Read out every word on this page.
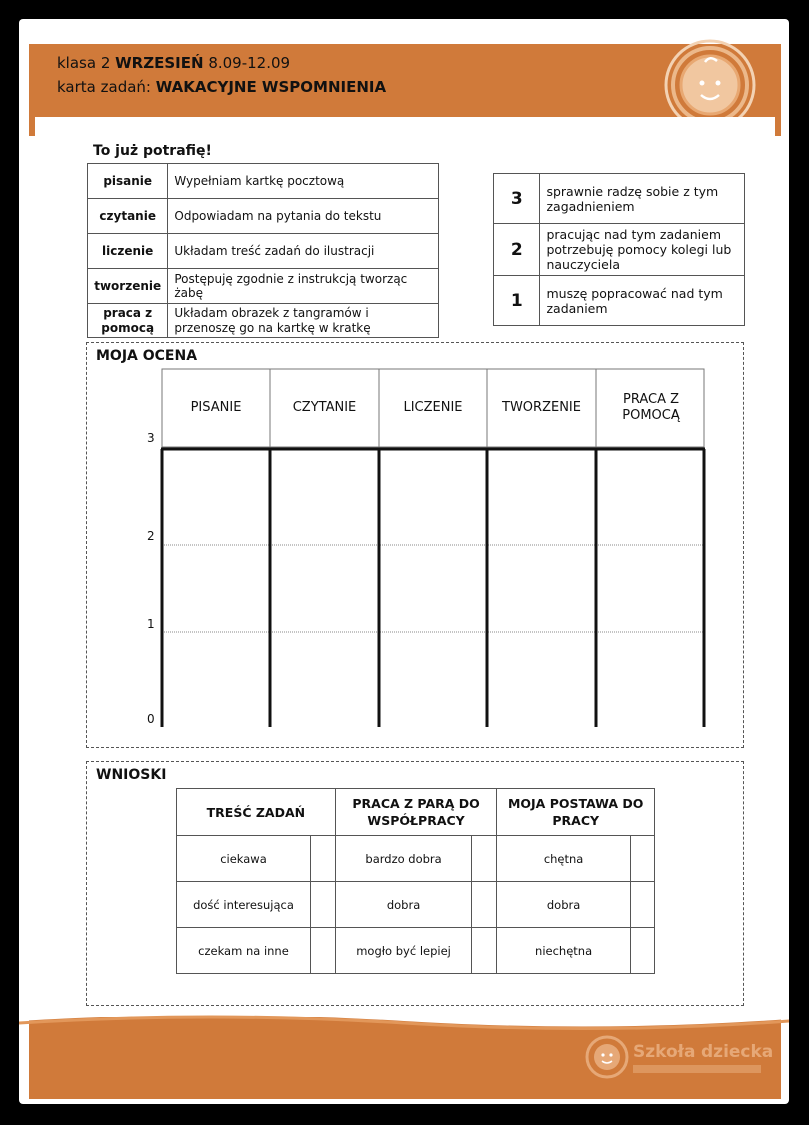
klasa 2 WRZESIEŃ 8.09-12.09
karta zadań: WAKACYJNE WSPOMNIENIA
To już potrafię!
pisanie	Wypełniam kartkę pocztową
czytanie	Odpowiadam na pytania do tekstu
liczenie	Układam treść zadań do ilustracji
tworzenie	Postępuję zgodnie z instrukcją tworząc żabę
praca z pomocą	Układam obrazek z tangramów i przenoszę go na kartkę w kratkę
3	sprawnie radzę sobie z tym zagadnieniem
2	pracując nad tym zadaniem potrzebuję pomocy kolegi lub nauczyciela
1	muszę popracować nad tym zadaniem
MOJA OCENA
PISANIE	CZYTANIE	LICZENIE	TWORZENIE
PRACA Z POMOCĄ
3
2
1
0
WNIOSKI
TREŚĆ ZADAŃ		PRACA Z PARĄ DO WSPÓŁPRACY		MOJA POSTAWA DO PRACY	
ciekawa		bardzo dobra		chętna	
dość interesująca		dobra		dobra	
czekam na inne		mogło być lepiej		niechętna	
Szkoła dziecka
